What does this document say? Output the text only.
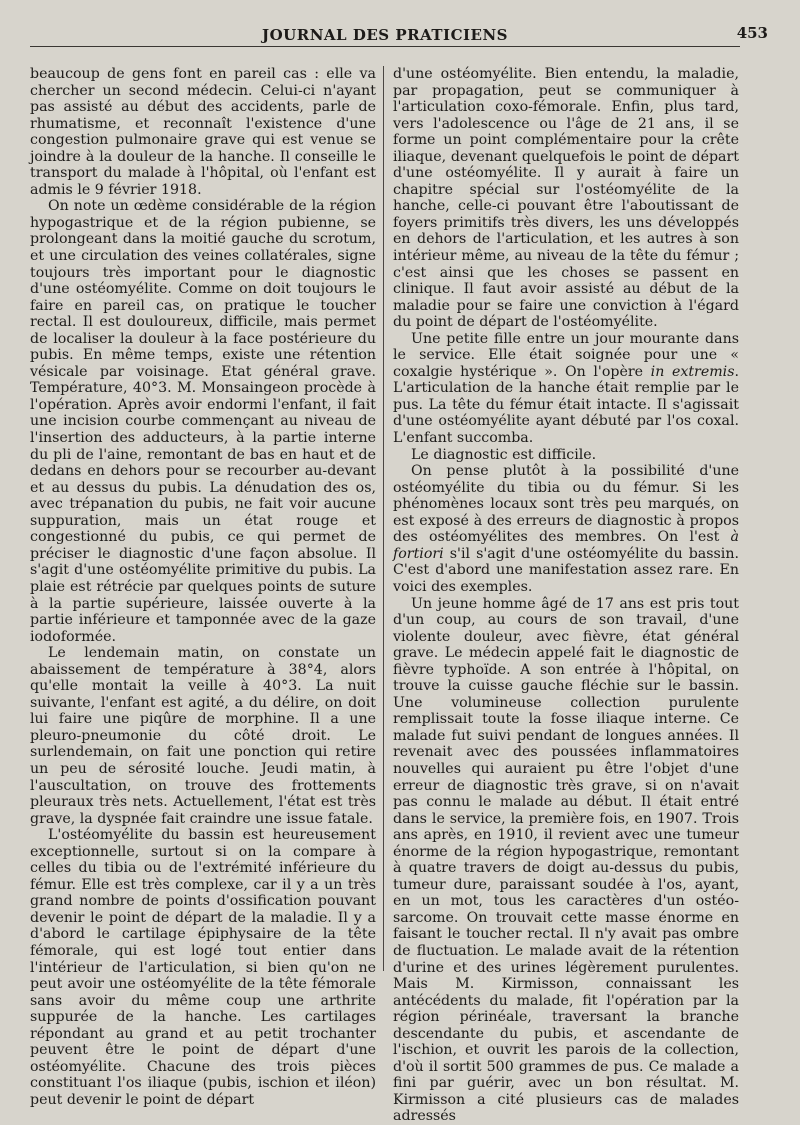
JOURNAL DES PRATICIENS	453

beaucoup de gens font en pareil cas : elle va chercher un second médecin. Celui-ci n'ayant pas assisté au début des accidents, parle de rhumatisme, et reconnaît l'existence d'une congestion pulmonaire grave qui est venue se joindre à la douleur de la hanche. Il conseille le transport du malade à l'hôpital, où l'enfant est admis le 9 février 1918.

On note un œdème considérable de la région hypogastrique et de la région pubienne, se prolongeant dans la moitié gauche du scrotum, et une circulation des veines collatérales, signe toujours très important pour le diagnostic d'une ostéomyélite. Comme on doit toujours le faire en pareil cas, on pratique le toucher rectal. Il est douloureux, difficile, mais permet de localiser la douleur à la face postérieure du pubis. En même temps, existe une rétention vésicale par voisinage. Etat général grave. Température, 40°3. M. Monsaingeon procède à l'opération. Après avoir endormi l'enfant, il fait une incision courbe commençant au niveau de l'insertion des adducteurs, à la partie interne du pli de l'aine, remontant de bas en haut et de dedans en dehors pour se recourber au-devant et au dessus du pubis. La dénudation des os, avec trépanation du pubis, ne fait voir aucune suppuration, mais un état rouge et congestionné du pubis, ce qui permet de préciser le diagnostic d'une façon absolue. Il s'agit d'une ostéomyélite primitive du pubis. La plaie est rétrécie par quelques points de suture à la partie supérieure, laissée ouverte à la partie inférieure et tamponnée avec de la gaze iodoformée.

Le lendemain matin, on constate un abaissement de température à 38°4, alors qu'elle montait la veille à 40°3. La nuit suivante, l'enfant est agité, a du délire, on doit lui faire une piqûre de morphine. Il a une pleuro-pneumonie du côté droit. Le surlendemain, on fait une ponction qui retire un peu de sérosité louche. Jeudi matin, à l'auscultation, on trouve des frottements pleuraux très nets. Actuellement, l'état est très grave, la dyspnée fait craindre une issue fatale.

L'ostéomyélite du bassin est heureusement exceptionnelle, surtout si on la compare à celles du tibia ou de l'extrémité inférieure du fémur. Elle est très complexe, car il y a un très grand nombre de points d'ossification pouvant devenir le point de départ de la maladie. Il y a d'abord le cartilage épiphysaire de la tête fémorale, qui est logé tout entier dans l'intérieur de l'articulation, si bien qu'on ne peut avoir une ostéomyélite de la tête fémorale sans avoir du même coup une arthrite suppurée de la hanche. Les cartilages répondant au grand et au petit trochanter peuvent être le point de départ d'une ostéomyélite. Chacune des trois pièces constituant l'os iliaque (pubis, ischion et iléon) peut devenir le point de départ

d'une ostéomyélite. Bien entendu, la maladie, par propagation, peut se communiquer à l'articulation coxo-fémorale. Enfin, plus tard, vers l'adolescence ou l'âge de 21 ans, il se forme un point complémentaire pour la crête iliaque, devenant quelquefois le point de départ d'une ostéomyélite. Il y aurait à faire un chapitre spécial sur l'ostéomyélite de la hanche, celle-ci pouvant être l'aboutissant de foyers primitifs très divers, les uns développés en dehors de l'articulation, et les autres à son intérieur même, au niveau de la tête du fémur ; c'est ainsi que les choses se passent en clinique. Il faut avoir assisté au début de la maladie pour se faire une conviction à l'égard du point de départ de l'ostéomyélite.

Une petite fille entre un jour mourante dans le service. Elle était soignée pour une « coxalgie hystérique ». On l'opère in extremis. L'articulation de la hanche était remplie par le pus. La tête du fémur était intacte. Il s'agissait d'une ostéomyélite ayant débuté par l'os coxal. L'enfant succomba.

Le diagnostic est difficile.

On pense plutôt à la possibilité d'une ostéomyélite du tibia ou du fémur. Si les phénomènes locaux sont très peu marqués, on est exposé à des erreurs de diagnostic à propos des ostéomyélites des membres. On l'est à fortiori s'il s'agit d'une ostéomyélite du bassin. C'est d'abord une manifestation assez rare. En voici des exemples.

Un jeune homme âgé de 17 ans est pris tout d'un coup, au cours de son travail, d'une violente douleur, avec fièvre, état général grave. Le médecin appelé fait le diagnostic de fièvre typhoïde. A son entrée à l'hôpital, on trouve la cuisse gauche fléchie sur le bassin. Une volumineuse collection purulente remplissait toute la fosse iliaque interne. Ce malade fut suivi pendant de longues années. Il revenait avec des poussées inflammatoires nouvelles qui auraient pu être l'objet d'une erreur de diagnostic très grave, si on n'avait pas connu le malade au début. Il était entré dans le service, la première fois, en 1907. Trois ans après, en 1910, il revient avec une tumeur énorme de la région hypogastrique, remontant à quatre travers de doigt au-dessus du pubis, tumeur dure, paraissant soudée à l'os, ayant, en un mot, tous les caractères d'un ostéo-sarcome. On trouvait cette masse énorme en faisant le toucher rectal. Il n'y avait pas ombre de fluctuation. Le malade avait de la rétention d'urine et des urines légèrement purulentes. Mais M. Kirmisson, connaissant les antécédents du malade, fit l'opération par la région périnéale, traversant la branche descendante du pubis, et ascendante de l'ischion, et ouvrit les parois de la collection, d'où il sortit 500 grammes de pus. Ce malade a fini par guérir, avec un bon résultat. M. Kirmisson a cité plusieurs cas de malades adressés
